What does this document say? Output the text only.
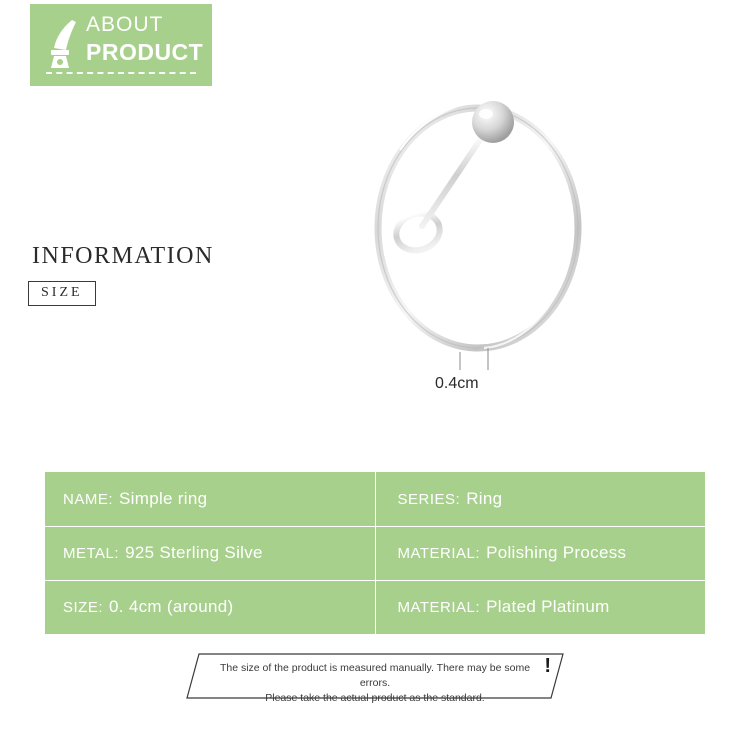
ABOUT
PRODUCT
INFORMATION
SIZE
0.4cm
NAME: Simple ring	SERIES: Ring
METAL: 925 Sterling Silve	MATERIAL: Polishing Process
SIZE: 0. 4cm (around)	MATERIAL: Plated Platinum
The size of the product is measured manually. There may be some errors.
Please take the actual product as the standard.
!
